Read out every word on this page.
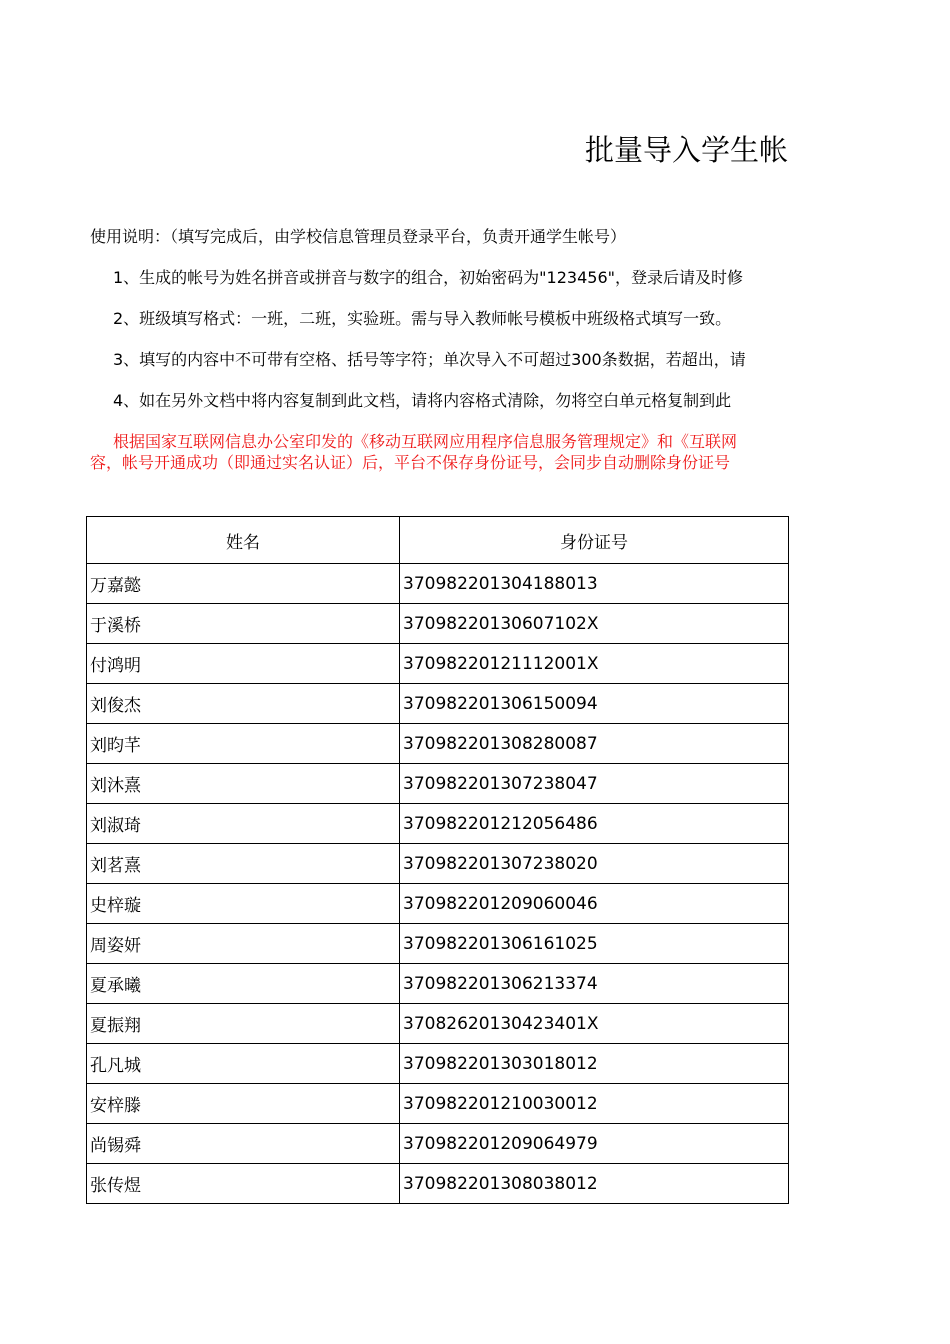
批量导入学生帐
使用说明：（填写完成后，由学校信息管理员登录平台，负责开通学生帐号）
1、生成的帐号为姓名拼音或拼音与数字的组合，初始密码为"123456"，登录后请及时修
2、班级填写格式：一班，二班，实验班。需与导入教师帐号模板中班级格式填写一致。
3、填写的内容中不可带有空格、括号等字符；单次导入不可超过300条数据，若超出，请
4、如在另外文档中将内容复制到此文档，请将内容格式清除，勿将空白单元格复制到此
根据国家互联网信息办公室印发的《移动互联网应用程序信息服务管理规定》和《互联网
容，帐号开通成功（即通过实名认证）后，平台不保存身份证号，会同步自动删除身份证号
姓名	身份证号
万嘉懿	370982201304188013
于溪桥	37098220130607102X
付鸿明	37098220121112001X
刘俊杰	370982201306150094
刘昀芊	370982201308280087
刘沐熹	370982201307238047
刘淑琦	370982201212056486
刘茗熹	370982201307238020
史梓璇	370982201209060046
周姿妍	370982201306161025
夏承曦	370982201306213374
夏振翔	37082620130423401X
孔凡城	370982201303018012
安梓滕	370982201210030012
尚锡舜	370982201209064979
张传煜	370982201308038012
